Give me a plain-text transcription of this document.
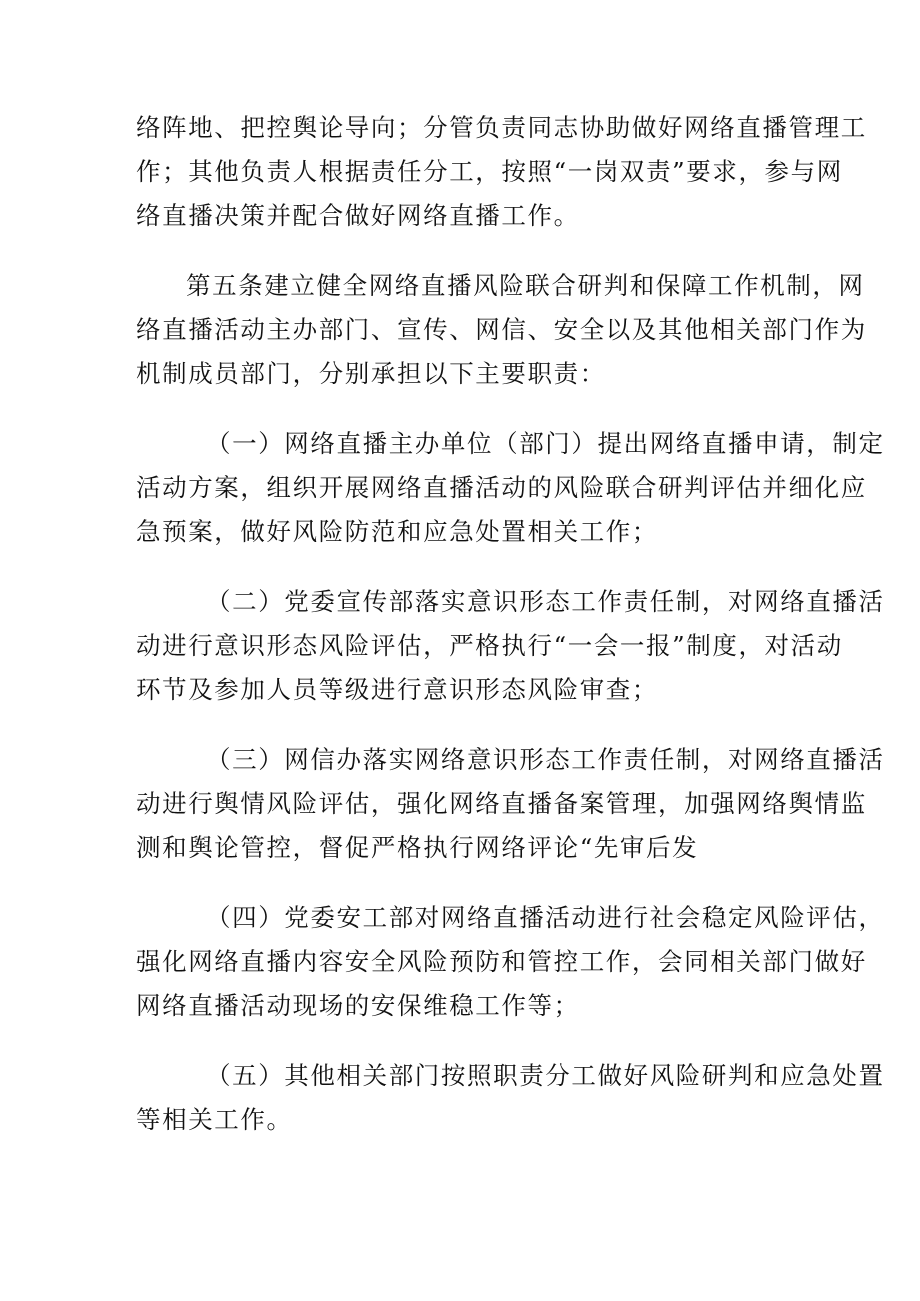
络阵地、把控舆论导向；分管负责同志协助做好网络直播管理工
作；其他负责人根据责任分工，按照“一岗双责”要求，参与网
络直播决策并配合做好网络直播工作。
第五条建立健全网络直播风险联合研判和保障工作机制，网
络直播活动主办部门、宣传、网信、安全以及其他相关部门作为
机制成员部门，分别承担以下主要职责：
（一）网络直播主办单位（部门）提出网络直播申请，制定
活动方案，组织开展网络直播活动的风险联合研判评估并细化应
急预案，做好风险防范和应急处置相关工作；
（二）党委宣传部落实意识形态工作责任制，对网络直播活
动进行意识形态风险评估，严格执行“一会一报”制度，对活动
环节及参加人员等级进行意识形态风险审查；
（三）网信办落实网络意识形态工作责任制，对网络直播活
动进行舆情风险评估，强化网络直播备案管理，加强网络舆情监
测和舆论管控，督促严格执行网络评论“先审后发
（四）党委安工部对网络直播活动进行社会稳定风险评估，
强化网络直播内容安全风险预防和管控工作，会同相关部门做好
网络直播活动现场的安保维稳工作等；
（五）其他相关部门按照职责分工做好风险研判和应急处置
等相关工作。
